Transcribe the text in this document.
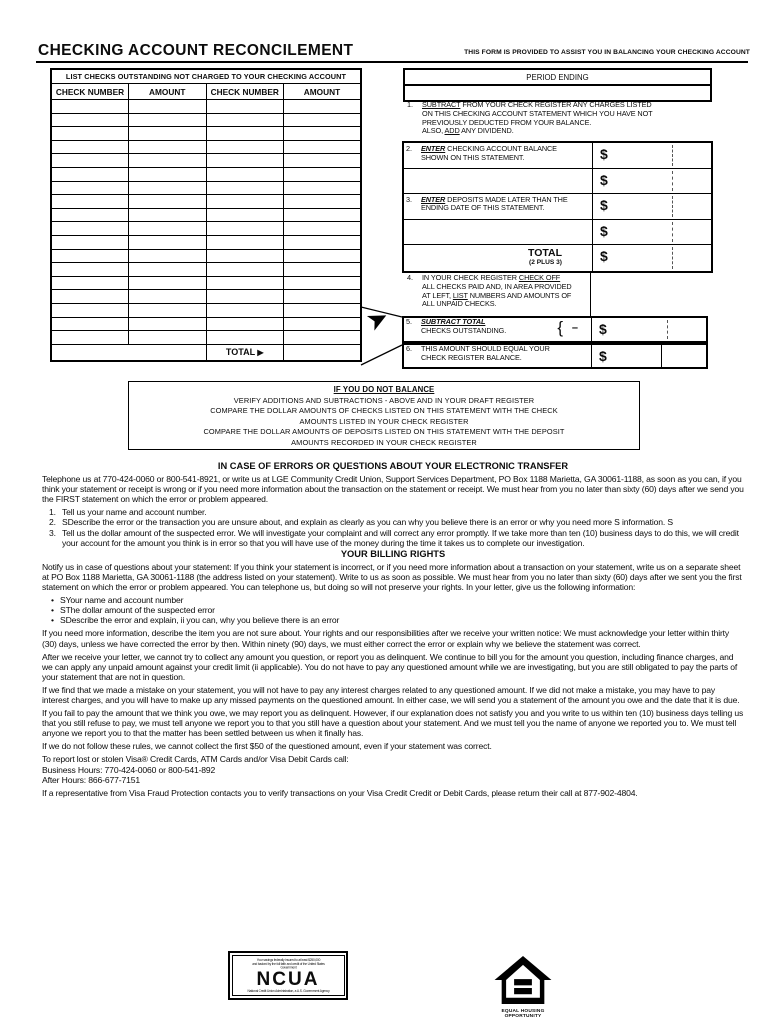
CHECKING ACCOUNT RECONCILEMENT	THIS FORM IS PROVIDED TO ASSIST YOU IN BALANCING YOUR CHECKING ACCOUNT
LIST CHECKS OUTSTANDING NOT CHARGED TO YOUR CHECKING ACCOUNT			
CHECK NUMBER	AMOUNT	CHECK NUMBER	AMOUNT

		TOTAL ▶	
PERIOD ENDING
1.	SUBTRACT FROM YOUR CHECK REGISTER ANY CHARGES LISTED
ON THIS CHECKING ACCOUNT STATEMENT WHICH YOU HAVE NOT
PREVIOUSLY DEDUCTED FROM YOUR BALANCE.
ALSO, ADD ANY DIVIDEND.
2. ENTER CHECKING ACCOUNT BALANCE
SHOWN ON THIS STATEMENT.	$

	$

3. ENTER DEPOSITS MADE LATER THAN THE
ENDING DATE OF THIS STATEMENT.	$

	$

TOTAL
(2 PLUS 3)	$
4.	IN YOUR CHECK REGISTER CHECK OFF
ALL CHECKS PAID AND, IN AREA PROVIDED
AT LEFT, LIST NUMBERS AND AMOUNTS OF
ALL UNPAID CHECKS.
5.	SUBTRACT TOTAL
CHECKS OUTSTANDING.	{ – $
6.	THIS AMOUNT SHOULD EQUAL YOUR
CHECK REGISTER BALANCE.	$
➤
IF YOU DO NOT BALANCE
VERIFY ADDITIONS AND SUBTRACTIONS - ABOVE AND IN YOUR DRAFT REGISTER
COMPARE THE DOLLAR AMOUNTS OF CHECKS LISTED ON THIS STATEMENT WITH THE CHECK
AMOUNTS LISTED IN YOUR CHECK REGISTER
COMPARE THE DOLLAR AMOUNTS OF DEPOSITS LISTED ON THIS STATEMENT WITH THE DEPOSIT
AMOUNTS RECORDED IN YOUR CHECK REGISTER
IN CASE OF ERRORS OR QUESTIONS ABOUT YOUR ELECTRONIC TRANSFER

Telephone us at 770-424-0060 or 800-541-8921, or write us at LGE Community Credit Union, Support Services Department, PO Box 1188 Marietta, GA 30061-1188, as soon as you can, if you think your statement or receipt is wrong or if you need more information about the transaction on the statement or receipt. We must hear from you no later than sixty (60) days after we send you the FIRST statement on which the error or problem appeared.

1. Tell us your name and account number.
2. SDescribe the error or the transaction you are unsure about, and explain as clearly as you can why you believe there is an error or why you need more S information. S
3. Tell us the dollar amount of the suspected error. We will investigate your complaint and will correct any error promptly. If we take more than ten (10) business days to do this, we will credit your account for the amount you think is in error so that you will have use of the money during the time it takes us to complete our investigation.
YOUR BILLING RIGHTS

Notify us in case of questions about your statement: If you think your statement is incorrect, or if you need more information about a transaction on your statement, write us on a separate sheet at PO Box 1188 Marietta, GA 30061-1188 (the address listed on your statement). Write to us as soon as possible. We must hear from you no later than sixty (60) days after we sent you the first statement on which the error or problem appeared. You can telephone us, but doing so will not preserve your rights. In your letter, give us the following information:

• SYour name and account number
• SThe dollar amount of the suspected error
• SDescribe the error and explain, ii you can, why you believe there is an error

If you need more information, describe the item you are not sure about. Your rights and our responsibilities after we receive your written notice: We must acknowledge your letter within thirty (30) days, unless we have corrected the error by then. Within ninety (90) days, we must either correct the error or explain why we believe the statement was correct.

After we receive your letter, we cannot try to collect any amount you question, or report you as delinquent. We continue to bill you for the amount you question, including finance charges, and we can apply any unpaid amount against your credit limit (ii applicable). You do not have to pay any questioned amount while we are investigating, but you are still obligated to pay the parts of your statement that are not in question.

If we find that we made a mistake on your statement, you will not have to pay any interest charges related to any questioned amount. If we did not make a mistake, you may have to pay interest charges, and you will have to make up any missed payments on the questioned amount. In either case, we will send you a statement of the amount you owe and the date that it is due.

If you fail to pay the amount that we think you owe, we may report you as delinquent. However, if our explanation does not satisfy you and you write to us within ten (10) business days telling us that you still refuse to pay, we must tell anyone we report you to that you still have a question about your statement. And we must tell you the name of anyone we reported you to. We must tell anyone we report you to that the matter has been settled between us when it finally has.

If we do not follow these rules, we cannot collect the first $50 of the questioned amount, even if your statement was correct.

To report lost or stolen Visa® Credit Cards, ATM Cards and/or Visa Debit Cards call:

Business Hours: 770-424-0060 or 800-541-892

After Hours: 866-677-7151

If a representative from Visa Fraud Protection contacts you to verify transactions on your Visa Credit Credit or Debit Cards, please return their call at 877-902-4804.

Your savings federally insured to at least $250,000
and backed by the full faith and credit of the United States Government
NCUA
National Credit Union Administration, a U.S. Government Agency
EQUAL HOUSING
OPPORTUNITY
